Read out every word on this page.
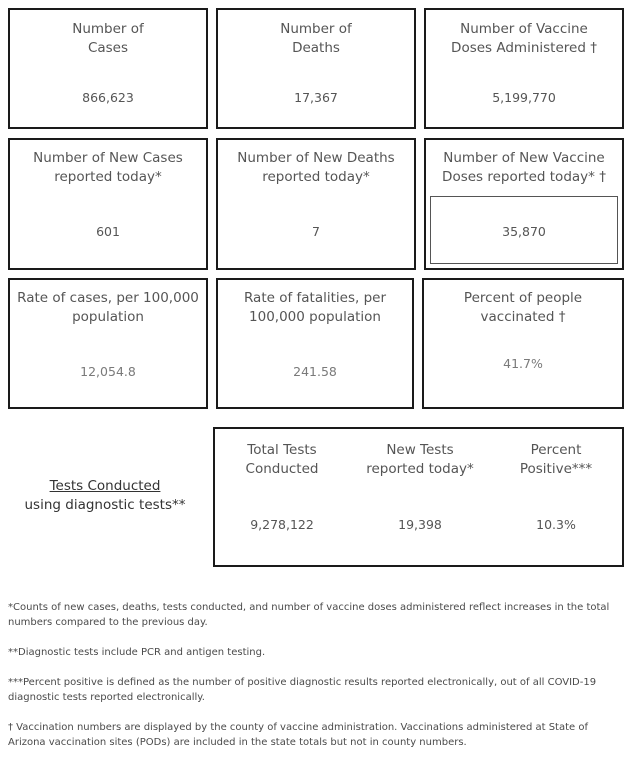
Number of
Cases
866,623
Number of
Deaths
17,367
Number of Vaccine
Doses Administered †
5,199,770
Number of New Cases
reported today*
601
Number of New Deaths
reported today*
7
Number of New Vaccine
Doses reported today* †
35,870
Rate of cases, per 100,000
population
12,054.8
Rate of fatalities, per
100,000 population
241.58
Percent of people
vaccinated †
41.7%
Tests Conducted
using diagnostic tests**
Total Tests
Conducted
9,278,122
New Tests
reported today*
19,398
Percent
Positive***
10.3%
*Counts of new cases, deaths, tests conducted, and number of vaccine doses administered reflect increases in the total numbers compared to the previous day.
**Diagnostic tests include PCR and antigen testing.
***Percent positive is defined as the number of positive diagnostic results reported electronically, out of all COVID-19 diagnostic tests reported electronically.
† Vaccination numbers are displayed by the county of vaccine administration. Vaccinations administered at State of Arizona vaccination sites (PODs) are included in the state totals but not in county numbers.
